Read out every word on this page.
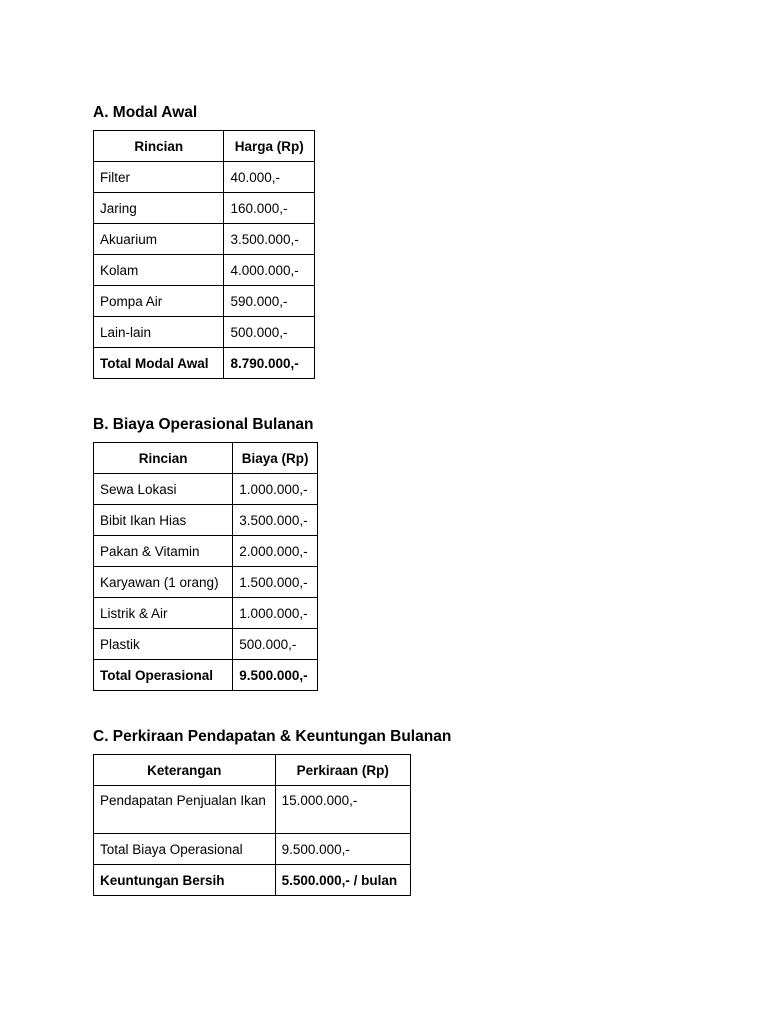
A. Modal Awal
Rincian	Harga (Rp)
Filter	40.000,-
Jaring	160.000,-
Akuarium	3.500.000,-
Kolam	4.000.000,-
Pompa Air	590.000,-
Lain-lain	500.000,-
Total Modal Awal	8.790.000,-
B. Biaya Operasional Bulanan
Rincian	Biaya (Rp)
Sewa Lokasi	1.000.000,-
Bibit Ikan Hias	3.500.000,-
Pakan & Vitamin	2.000.000,-
Karyawan (1 orang)	1.500.000,-
Listrik & Air	1.000.000,-
Plastik	500.000,-
Total Operasional	9.500.000,-
C. Perkiraan Pendapatan & Keuntungan Bulanan
Keterangan	Perkiraan (Rp)
Pendapatan Penjualan Ikan	15.000.000,-
Total Biaya Operasional	9.500.000,-
Keuntungan Bersih	5.500.000,- / bulan
